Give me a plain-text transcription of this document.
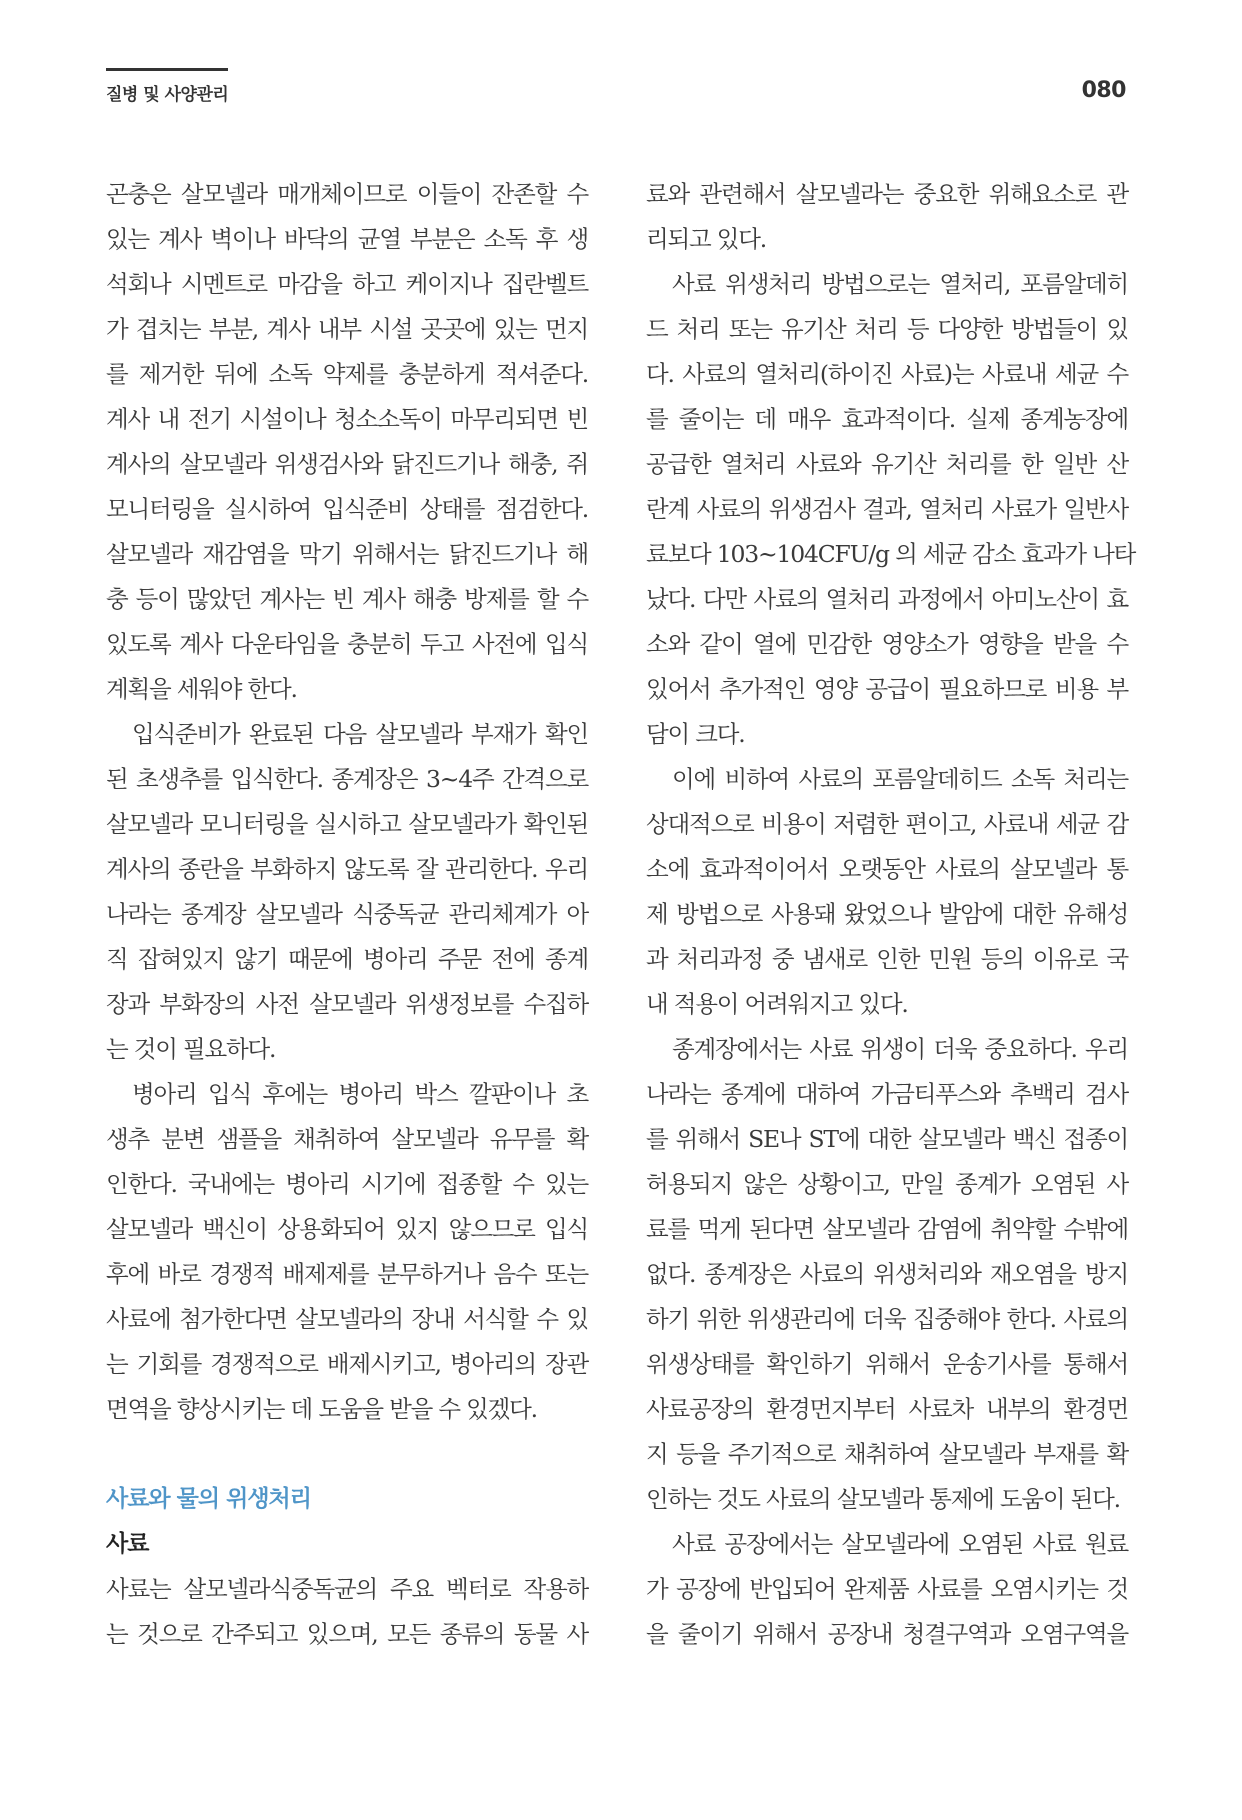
질병 및 사양관리	080
곤충은 살모넬라 매개체이므로 이들이 잔존할 수
있는 계사 벽이나 바닥의 균열 부분은 소독 후 생
석회나 시멘트로 마감을 하고 케이지나 집란벨트
가 겹치는 부분, 계사 내부 시설 곳곳에 있는 먼지
를 제거한 뒤에 소독 약제를 충분하게 적셔준다.
계사 내 전기 시설이나 청소소독이 마무리되면 빈
계사의 살모넬라 위생검사와 닭진드기나 해충, 쥐
모니터링을 실시하여 입식준비 상태를 점검한다.
살모넬라 재감염을 막기 위해서는 닭진드기나 해
충 등이 많았던 계사는 빈 계사 해충 방제를 할 수
있도록 계사 다운타임을 충분히 두고 사전에 입식
계획을 세워야 한다.
입식준비가 완료된 다음 살모넬라 부재가 확인
된 초생추를 입식한다. 종계장은 3~4주 간격으로
살모넬라 모니터링을 실시하고 살모넬라가 확인된
계사의 종란을 부화하지 않도록 잘 관리한다. 우리
나라는 종계장 살모넬라 식중독균 관리체계가 아
직 잡혀있지 않기 때문에 병아리 주문 전에 종계
장과 부화장의 사전 살모넬라 위생정보를 수집하
는 것이 필요하다.
병아리 입식 후에는 병아리 박스 깔판이나 초
생추 분변 샘플을 채취하여 살모넬라 유무를 확
인한다. 국내에는 병아리 시기에 접종할 수 있는
살모넬라 백신이 상용화되어 있지 않으므로 입식
후에 바로 경쟁적 배제제를 분무하거나 음수 또는
사료에 첨가한다면 살모넬라의 장내 서식할 수 있
는 기회를 경쟁적으로 배제시키고, 병아리의 장관
면역을 향상시키는 데 도움을 받을 수 있겠다.
사료와 물의 위생처리
사료
사료는 살모넬라식중독균의 주요 벡터로 작용하
는 것으로 간주되고 있으며, 모든 종류의 동물 사
료와 관련해서 살모넬라는 중요한 위해요소로 관
리되고 있다.
사료 위생처리 방법으로는 열처리, 포름알데히
드 처리 또는 유기산 처리 등 다양한 방법들이 있
다. 사료의 열처리(하이진 사료)는 사료내 세균 수
를 줄이는 데 매우 효과적이다. 실제 종계농장에
공급한 열처리 사료와 유기산 처리를 한 일반 산
란계 사료의 위생검사 결과, 열처리 사료가 일반사
료보다 103~104CFU/g 의 세균 감소 효과가 나타
났다. 다만 사료의 열처리 과정에서 아미노산이 효
소와 같이 열에 민감한 영양소가 영향을 받을 수
있어서 추가적인 영양 공급이 필요하므로 비용 부
담이 크다.
이에 비하여 사료의 포름알데히드 소독 처리는
상대적으로 비용이 저렴한 편이고, 사료내 세균 감
소에 효과적이어서 오랫동안 사료의 살모넬라 통
제 방법으로 사용돼 왔었으나 발암에 대한 유해성
과 처리과정 중 냄새로 인한 민원 등의 이유로 국
내 적용이 어려워지고 있다.
종계장에서는 사료 위생이 더욱 중요하다. 우리
나라는 종계에 대하여 가금티푸스와 추백리 검사
를 위해서 SE나 ST에 대한 살모넬라 백신 접종이
허용되지 않은 상황이고, 만일 종계가 오염된 사
료를 먹게 된다면 살모넬라 감염에 취약할 수밖에
없다. 종계장은 사료의 위생처리와 재오염을 방지
하기 위한 위생관리에 더욱 집중해야 한다. 사료의
위생상태를 확인하기 위해서 운송기사를 통해서
사료공장의 환경먼지부터 사료차 내부의 환경먼
지 등을 주기적으로 채취하여 살모넬라 부재를 확
인하는 것도 사료의 살모넬라 통제에 도움이 된다.
사료 공장에서는 살모넬라에 오염된 사료 원료
가 공장에 반입되어 완제품 사료를 오염시키는 것
을 줄이기 위해서 공장내 청결구역과 오염구역을
